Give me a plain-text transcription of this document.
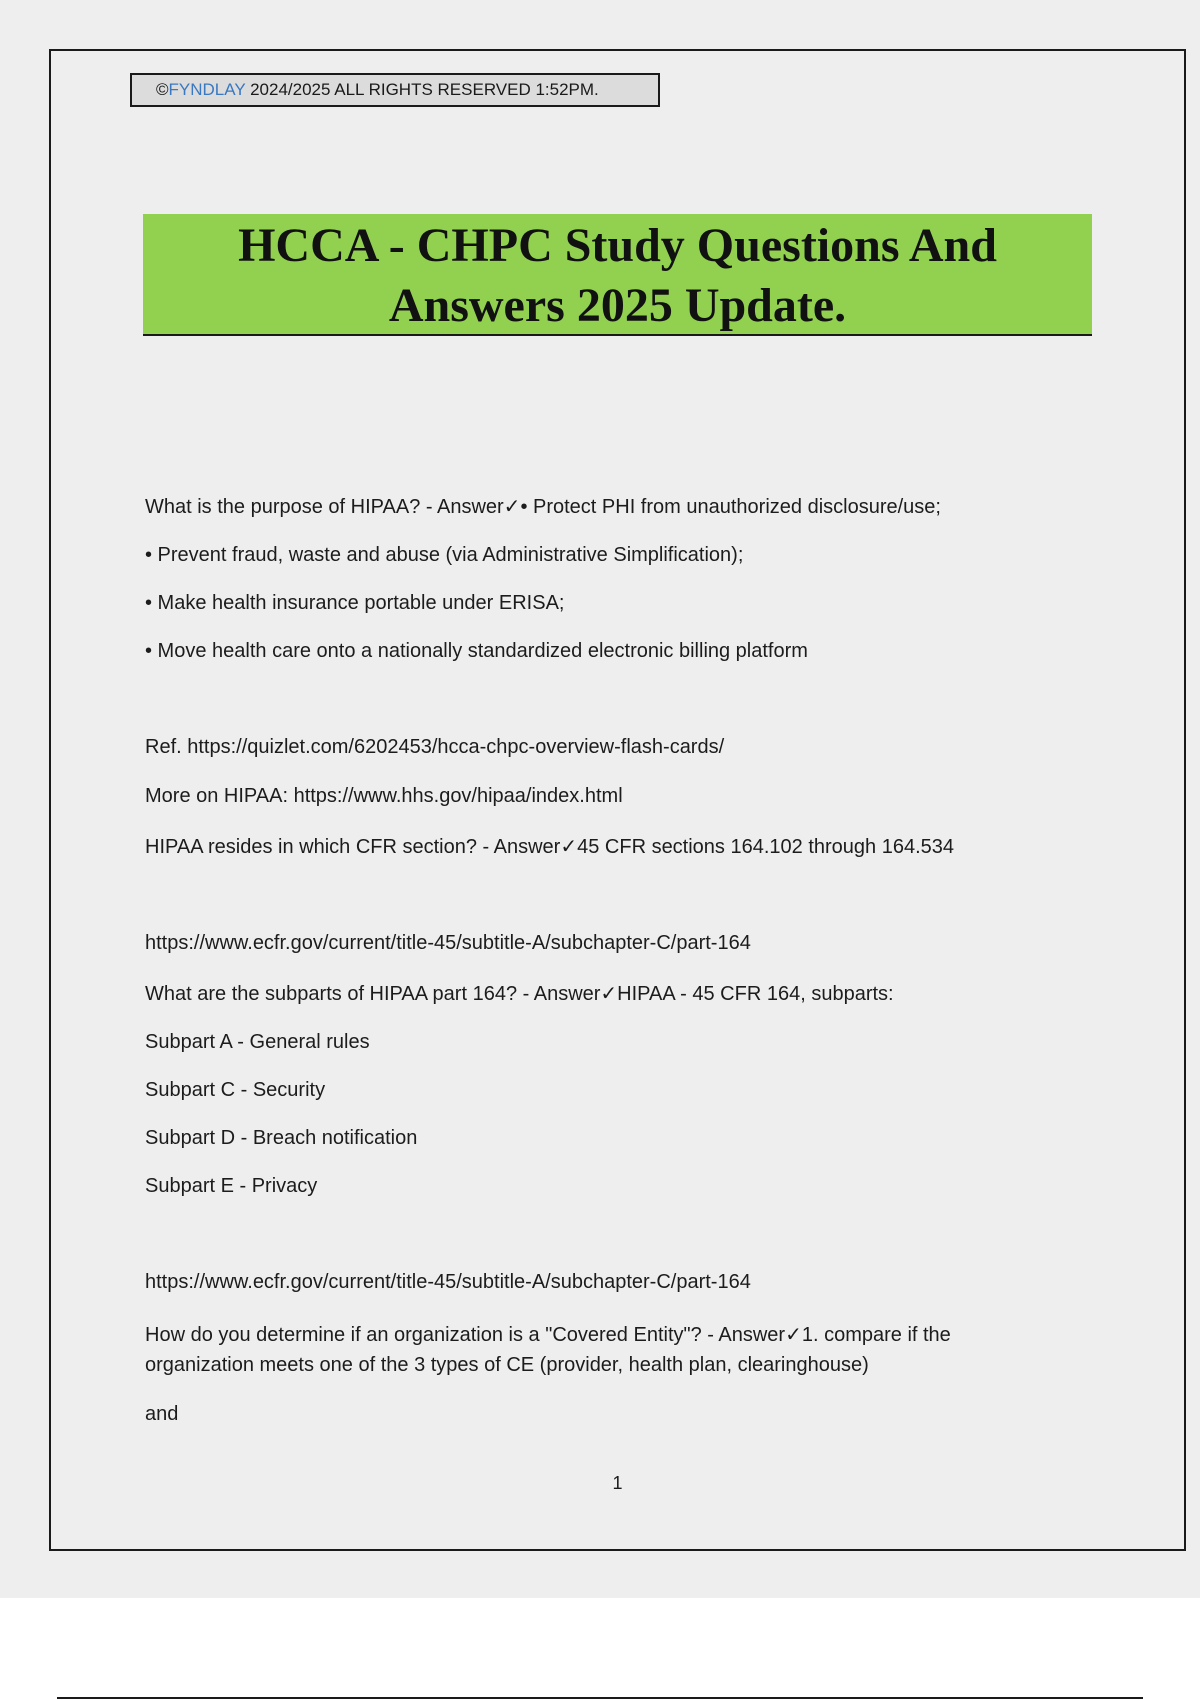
©FYNDLAY 2024/2025 ALL RIGHTS RESERVED 1:52PM.
HCCA - CHPC Study Questions And
Answers 2025 Update.
What is the purpose of HIPAA? - Answer✓• Protect PHI from unauthorized disclosure/use;
• Prevent fraud, waste and abuse (via Administrative Simplification);
• Make health insurance portable under ERISA;
• Move health care onto a nationally standardized electronic billing platform
Ref. https://quizlet.com/6202453/hcca-chpc-overview-flash-cards/
More on HIPAA: https://www.hhs.gov/hipaa/index.html
HIPAA resides in which CFR section? - Answer✓45 CFR sections 164.102 through 164.534
https://www.ecfr.gov/current/title-45/subtitle-A/subchapter-C/part-164
What are the subparts of HIPAA part 164? - Answer✓HIPAA - 45 CFR 164, subparts:
Subpart A - General rules
Subpart C - Security
Subpart D - Breach notification
Subpart E - Privacy
https://www.ecfr.gov/current/title-45/subtitle-A/subchapter-C/part-164
How do you determine if an organization is a "Covered Entity"? - Answer✓1. compare if the organization meets one of the 3 types of CE (provider, health plan, clearinghouse)
and
1
